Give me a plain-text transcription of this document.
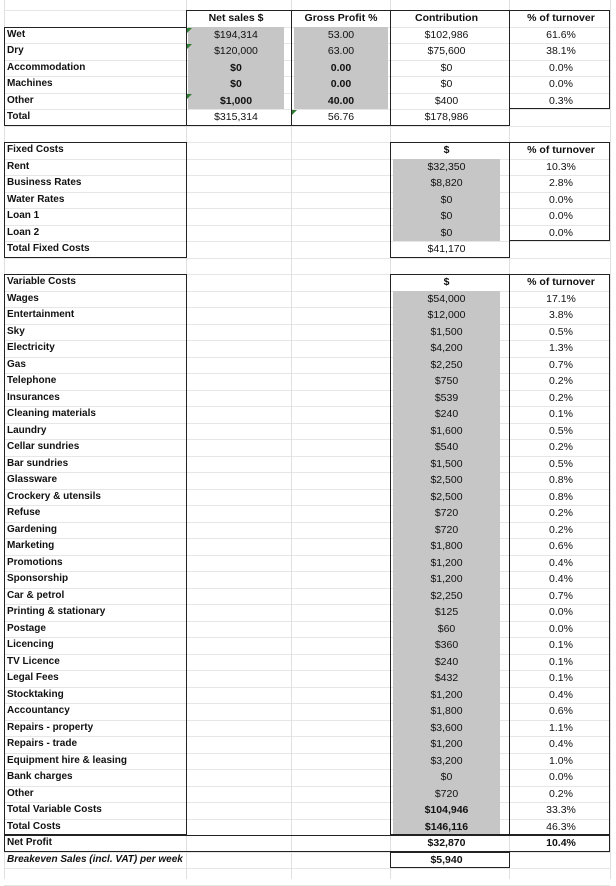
Net sales $	Gross Profit %	Contribution	% of turnover
Wet	$194,314	53.00	$102,986	61.6%
Dry	$120,000	63.00	$75,600	38.1%
Accommodation	$0	0.00	$0	0.0%
Machines	$0	0.00	$0	0.0%
Other	$1,000	40.00	$400	0.3%
Total	$315,314	56.76	$178,986
Fixed Costs	$	% of turnover
Rent	$32,350	10.3%
Business Rates	$8,820	2.8%
Water Rates	$0	0.0%
Loan 1	$0	0.0%
Loan 2	$0	0.0%
Total Fixed Costs	$41,170
Variable Costs	$	% of turnover
Wages	$54,000	17.1%
Entertainment	$12,000	3.8%
Sky	$1,500	0.5%
Electricity	$4,200	1.3%
Gas	$2,250	0.7%
Telephone	$750	0.2%
Insurances	$539	0.2%
Cleaning materials	$240	0.1%
Laundry	$1,600	0.5%
Cellar sundries	$540	0.2%
Bar sundries	$1,500	0.5%
Glassware	$2,500	0.8%
Crockery & utensils	$2,500	0.8%
Refuse	$720	0.2%
Gardening	$720	0.2%
Marketing	$1,800	0.6%
Promotions	$1,200	0.4%
Sponsorship	$1,200	0.4%
Car & petrol	$2,250	0.7%
Printing & stationary	$125	0.0%
Postage	$60	0.0%
Licencing	$360	0.1%
TV Licence	$240	0.1%
Legal Fees	$432	0.1%
Stocktaking	$1,200	0.4%
Accountancy	$1,800	0.6%
Repairs - property	$3,600	1.1%
Repairs - trade	$1,200	0.4%
Equipment hire & leasing	$3,200	1.0%
Bank charges	$0	0.0%
Other	$720	0.2%
Total Variable Costs	$104,946	33.3%
Total Costs	$146,116	46.3%
Net Profit	$32,870	10.4%
Breakeven Sales (incl. VAT) per week	$5,940
